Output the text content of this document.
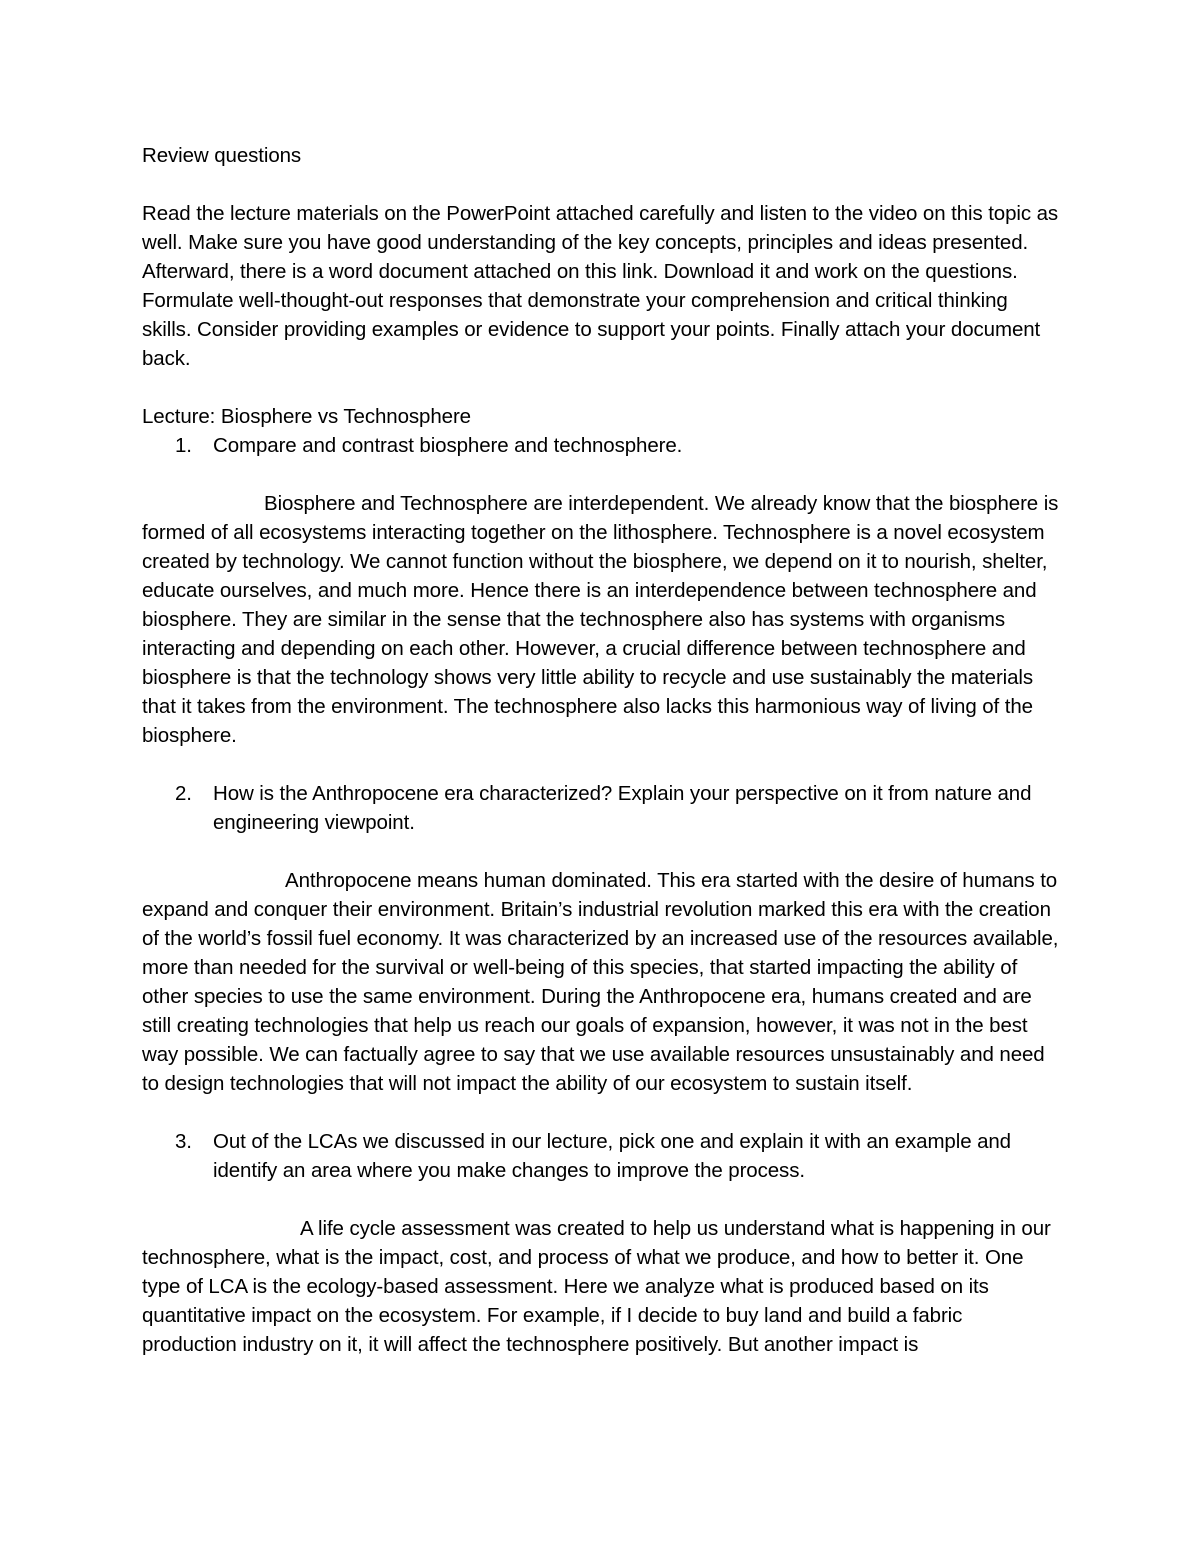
Review questions

Read the lecture materials on the PowerPoint attached carefully and listen to the video on this topic as well. Make sure you have good understanding of the key concepts, principles and ideas presented. Afterward, there is a word document attached on this link. Download it and work on the questions. Formulate well-thought-out responses that demonstrate your comprehension and critical thinking skills. Consider providing examples or evidence to support your points. Finally attach your document back.

Lecture: Biosphere vs Technosphere

1. Compare and contrast biosphere and technosphere.

Biosphere and Technosphere are interdependent. We already know that the biosphere is formed of all ecosystems interacting together on the lithosphere. Technosphere is a novel ecosystem created by technology. We cannot function without the biosphere, we depend on it to nourish, shelter, educate ourselves, and much more. Hence there is an interdependence between technosphere and biosphere. They are similar in the sense that the technosphere also has systems with organisms interacting and depending on each other. However, a crucial difference between technosphere and biosphere is that the technology shows very little ability to recycle and use sustainably the materials that it takes from the environment. The technosphere also lacks this harmonious way of living of the biosphere.

2. How is the Anthropocene era characterized? Explain your perspective on it from nature and engineering viewpoint.

Anthropocene means human dominated. This era started with the desire of humans to expand and conquer their environment. Britain’s industrial revolution marked this era with the creation of the world’s fossil fuel economy. It was characterized by an increased use of the resources available, more than needed for the survival or well-being of this species, that started impacting the ability of other species to use the same environment. During the Anthropocene era, humans created and are still creating technologies that help us reach our goals of expansion, however, it was not in the best way possible. We can factually agree to say that we use available resources unsustainably and need to design technologies that will not impact the ability of our ecosystem to sustain itself.

3. Out of the LCAs we discussed in our lecture, pick one and explain it with an example and identify an area where you make changes to improve the process.

A life cycle assessment was created to help us understand what is happening in our technosphere, what is the impact, cost, and process of what we produce, and how to better it. One type of LCA is the ecology-based assessment. Here we analyze what is produced based on its quantitative impact on the ecosystem. For example, if I decide to buy land and build a fabric production industry on it, it will affect the technosphere positively. But another impact is
